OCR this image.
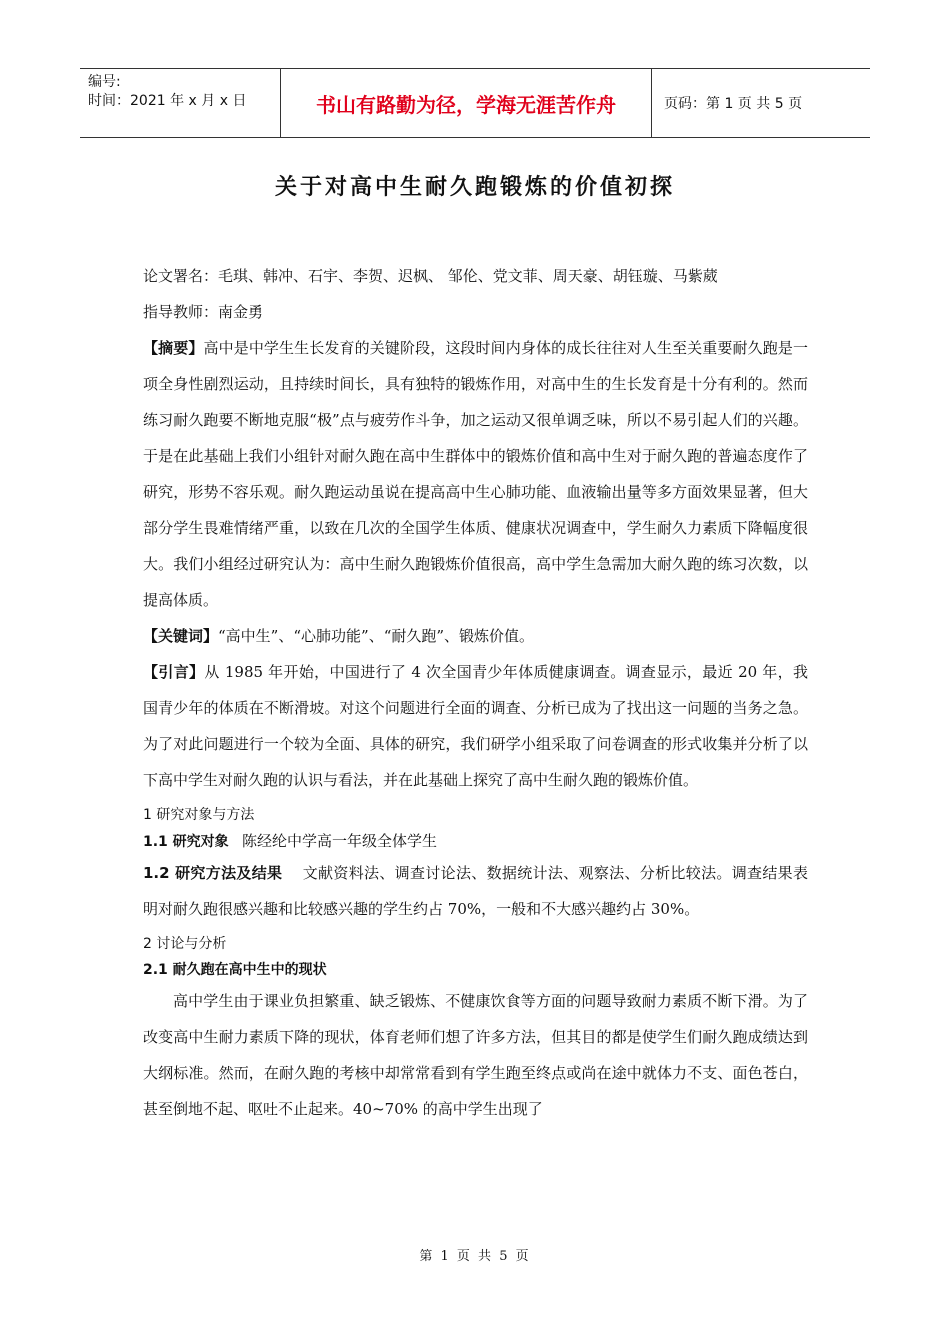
编号:
时间：2021 年 x 月 x 日	书山有路勤为径，学海无涯苦作舟	页码：第 1 页 共 5 页
关于对高中生耐久跑锻炼的价值初探

论文署名：毛琪、韩冲、石宇、李贺、迟枫、 邹伦、党文菲、周天豪、胡钰璇、马紫葳

指导教师：南金勇

【摘要】高中是中学生生长发育的关键阶段，这段时间内身体的成长往往对人生至关重要耐久跑是一项全身性剧烈运动，且持续时间长，具有独特的锻炼作用，对高中生的生长发育是十分有利的。然而练习耐久跑要不断地克服“极”点与疲劳作斗争，加之运动又很单调乏味，所以不易引起人们的兴趣。于是在此基础上我们小组针对耐久跑在高中生群体中的锻炼价值和高中生对于耐久跑的普遍态度作了研究，形势不容乐观。耐久跑运动虽说在提高高中生心肺功能、血液输出量等多方面效果显著，但大部分学生畏难情绪严重，以致在几次的全国学生体质、健康状况调查中，学生耐久力素质下降幅度很大。我们小组经过研究认为：高中生耐久跑锻炼价值很高，高中学生急需加大耐久跑的练习次数，以提高体质。

【关键词】“高中生”、“心肺功能”、“耐久跑”、锻炼价值。

【引言】从 1985 年开始，中国进行了 4 次全国青少年体质健康调查。调查显示，最近 20 年，我国青少年的体质在不断滑坡。对这个问题进行全面的调查、分析已成为了找出这一问题的当务之急。为了对此问题进行一个较为全面、具体的研究，我们研学小组采取了问卷调查的形式收集并分析了以下高中学生对耐久跑的认识与看法，并在此基础上探究了高中生耐久跑的锻炼价值。

1 研究对象与方法

1.1 研究对象 陈经纶中学高一年级全体学生

1.2 研究方法及结果 文献资料法、调查讨论法、数据统计法、观察法、分析比较法。调查结果表明对耐久跑很感兴趣和比较感兴趣的学生约占 70%，一般和不大感兴趣约占 30%。

2 讨论与分析

2.1 耐久跑在高中生中的现状

高中学生由于课业负担繁重、缺乏锻炼、不健康饮食等方面的问题导致耐力素质不断下滑。为了改变高中生耐力素质下降的现状，体育老师们想了许多方法，但其目的都是使学生们耐久跑成绩达到大纲标准。然而，在耐久跑的考核中却常常看到有学生跑至终点或尚在途中就体力不支、面色苍白，甚至倒地不起、呕吐不止起来。40~70% 的高中学生出现了

第 1 页 共 5 页
